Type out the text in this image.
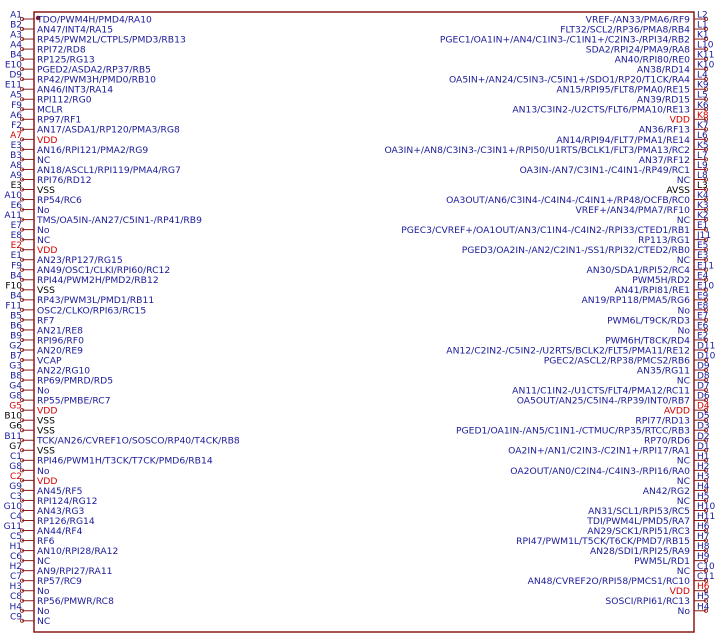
A1 TDO/PWM4H/PMD4/RA10
B2 AN47/INT4/RA15
A3 RP45/PWM2L/CTPLS/PMD3/RB13
A4 RPI72/RD8
B4 RP125/RG13
E10 PGED2/ASDA2/RP37/RB5
D9 RP42/PWM3H/PMD0/RB10
E11 AN46/INT3/RA14
A5 RPI112/RG0
F9 MCLR
A6 RP97/RF1
F2 AN17/ASDA1/RP120/PMA3/RG8
A7 VDD
E3 AN16/RPI121/PMA2/RG9
B3 NC
A8 AN18/ASCL1/RPI119/PMA4/RG7
A9 RPI76/RD12
E3 VSS
A10 RP54/RC6
E6 No
A11 TMS/OA5IN-/AN27/C5IN1-/RP41/RB9
E7 No
E8 NC
E2 VDD
E1 AN23/RP127/RG15
F9 AN49/OSC1/CLKI/RPI60/RC12
B4 RPI44/PWM2H/PMD2/RB12
F10 VSS
B4 RP43/PWM3L/PMD1/RB11
F11 OSC2/CLKO/RPI63/RC15
B5 RF7
B6 AN21/RE8
B9 RPI96/RF0
G2 AN20/RE9
B7 VCAP
G3 AN22/RG10
B8 RP69/PMRD/RD5
G4 No
G8 RP55/PMBE/RC7
G5 VDD
B10 VSS
G6 VSS
B11 TCK/AN26/CVREF1O/SOSCO/RP40/T4CK/RB8
G7 VSS
C1 RPI46/PWM1H/T3CK/T7CK/PMD6/RB14
G8 No
C2 VDD
G9 AN45/RF5
C3 RPI124/RG12
G10 AN43/RG3
C4 RP126/RG14
G11 AN44/RF4
C5 RF6
H1 AN10/RPI28/RA12
C6 NC
H2 AN9/RPI27/RA11
C7 RP57/RC9
H3 No
C8 RP56/PMWR/RC8
H4 No
C9 NC
L2
VREF-/AN33/PMA6/RF9
L1
FLT32/SCL2/RP36/PMA8/RB4
K1
PGEC1/OA1IN+/AN4/C1IN3-/C1IN1+/C2IN3-/RPI34/RB2
L10
SDA2/RPI24/PMA9/RA8
K11
AN40/RPI80/RE0
K10
AN38/RD14
L4
OA5IN+/AN24/C5IN3-/C5IN1+/SDO1/RP20/T1CK/RA4
K9
AN15/RPI95/FLT8/PMA0/RE15
L5
AN39/RD15
K6
AN13/C3IN2-/U2CTS/FLT6/PMA10/RE13
K8
VDD
K7
AN36/RF13
L6
AN14/RPI94/FLT7/PMA1/RE14
K5
OA3IN+/AN8/C3IN3-/C3IN1+/RPI50/U1RTS/BCLK1/FLT3/PMA13/RC2
L7
AN37/RF12
L9
OA3IN-/AN7/C3IN1-/C4IN1-/RP49/RC1
L8
NC
L3
AVSS
K4
OA3OUT/AN6/C3IN4-/C4IN4-/C4IN1+/RP48/OCFB/RC0
K3
VREF+/AN34/PMA7/RF10
K2
NC
E1
PGEC3/CVREF+/OA1OUT/AN3/C1IN4-/C4IN2-/RPI33/CTED1/RB1
J11
RP113/RG1
E5
PGED3/OA2IN-/AN2/C2IN1-/SS1/RPI32/CTED2/RB0
E3
NC
E11
AN30/SDA1/RPI52/RC4
E4
PWM5H/RD2
E10
AN41/RPI81/RE1
E9
AN19/RP118/PMA5/RG6
E8
No
E7
PWM6L/T9CK/RD3
E6
No
E2
PWM6H/T8CK/RD4
D11
AN12/C2IN2-/C5IN2-/U2RTS/BCLK2/FLT5/PMA11/RE12
D10
PGEC2/ASCL2/RP38/PMCS2/RB6
D9
AN35/RG11
D8
NC
D7
AN11/C1IN2-/U1CTS/FLT4/PMA12/RC11
D6
OA5OUT/AN25/C5IN4-/RP39/INT0/RB7
D4
AVDD
D5
RPI77/RD13
D3
PGED1/OA1IN-/AN5/C1IN1-/CTMUC/RP35/RTCC/RB3
D2
RP70/RD6
D1
OA2IN+/AN1/C2IN3-/C2IN1+/RPI17/RA1
H1
NC
H2
OA2OUT/AN0/C2IN4-/C4IN3-/RPI16/RA0
H3
NC
H4
AN42/RG2
H5
NC
H10
AN31/SCL1/RPI53/RC5
H11
TDI/PWM4L/PMD5/RA7
H6
AN29/SCK1/RPI51/RC3
H7
RPI47/PWM1L/T5CK/T6CK/PMD7/RB15
H8
AN28/SDI1/RPI25/RA9
H9
PWM5L/RD1
C10
NC
C11
AN48/CVREF2O/RPI58/PMCS1/RC10
H6
VDD
H5
SOSCI/RPI61/RC13
H4
No
